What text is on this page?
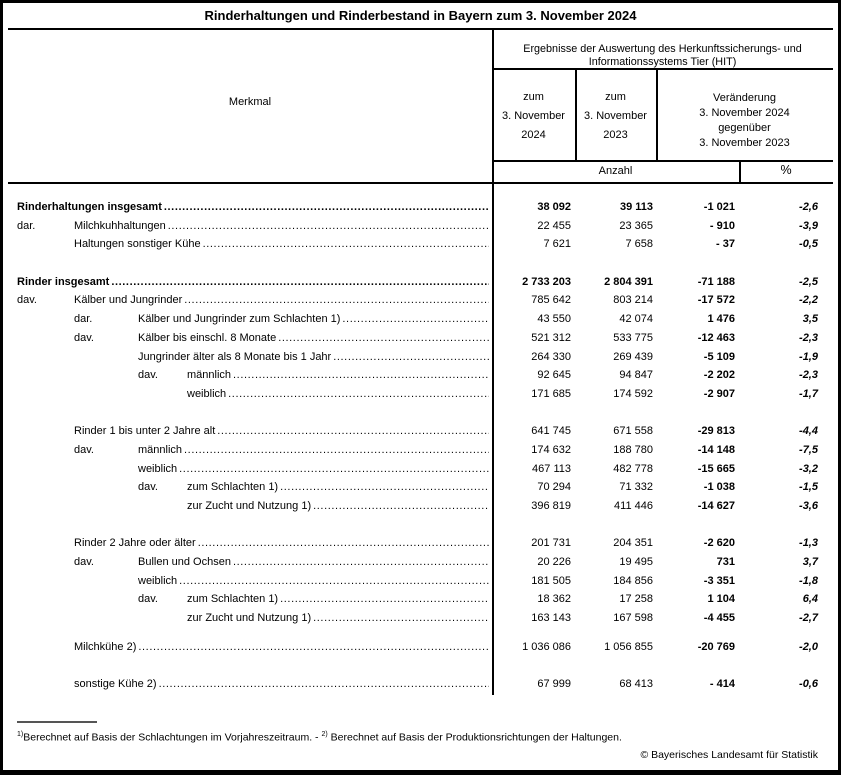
Rinderhaltungen und Rinderbestand in Bayern zum 3. November 2024
Merkmal
Ergebnisse der Auswertung des Herkunftssicherungs- und
Informationssystems Tier (HIT)
zum
3. November
2024
zum
3. November
2023
Veränderung
3. November 2024
gegenüber
3. November 2023
Anzahl	%
Rinderhaltungen insgesamt .....	38 092	39 113	-1 021	-2,6
dar.	Milchkuhhaltungen .....	22 455	23 365	- 910	-3,9
Haltungen sonstiger Kühe .....	7 621	7 658	- 37	-0,5
Rinder insgesamt .....	2 733 203	2 804 391	-71 188	-2,5
dav.	Kälber und Jungrinder .....	785 642	803 214	-17 572	-2,2
dar.	Kälber und Jungrinder zum Schlachten 1) .....	43 550	42 074	1 476	3,5
dav.	Kälber bis einschl. 8 Monate .....	521 312	533 775	-12 463	-2,3
Jungrinder älter als 8 Monate bis 1 Jahr .....	264 330	269 439	-5 109	-1,9
dav.	männlich .....	92 645	94 847	-2 202	-2,3
weiblich .....	171 685	174 592	-2 907	-1,7
Rinder 1 bis unter 2 Jahre alt .....	641 745	671 558	-29 813	-4,4
dav.	männlich .....	174 632	188 780	-14 148	-7,5
weiblich .....	467 113	482 778	-15 665	-3,2
dav.	zum Schlachten 1) .....	70 294	71 332	-1 038	-1,5
zur Zucht und Nutzung 1) .....	396 819	411 446	-14 627	-3,6
Rinder 2 Jahre oder älter .....	201 731	204 351	-2 620	-1,3
dav.	Bullen und Ochsen .....	20 226	19 495	731	3,7
weiblich .....	181 505	184 856	-3 351	-1,8
dav.	zum Schlachten 1) .....	18 362	17 258	1 104	6,4
zur Zucht und Nutzung 1) .....	163 143	167 598	-4 455	-2,7
Milchkühe 2) .....	1 036 086	1 056 855	-20 769	-2,0
sonstige Kühe 2) .....	67 999	68 413	- 414	-0,6
$^{1)}$Berechnet auf Basis der Schlachtungen im Vorjahreszeitraum. - $^{2)}$ Berechnet auf Basis der Produktionsrichtungen der Haltungen.
© Bayerisches Landesamt für Statistik
